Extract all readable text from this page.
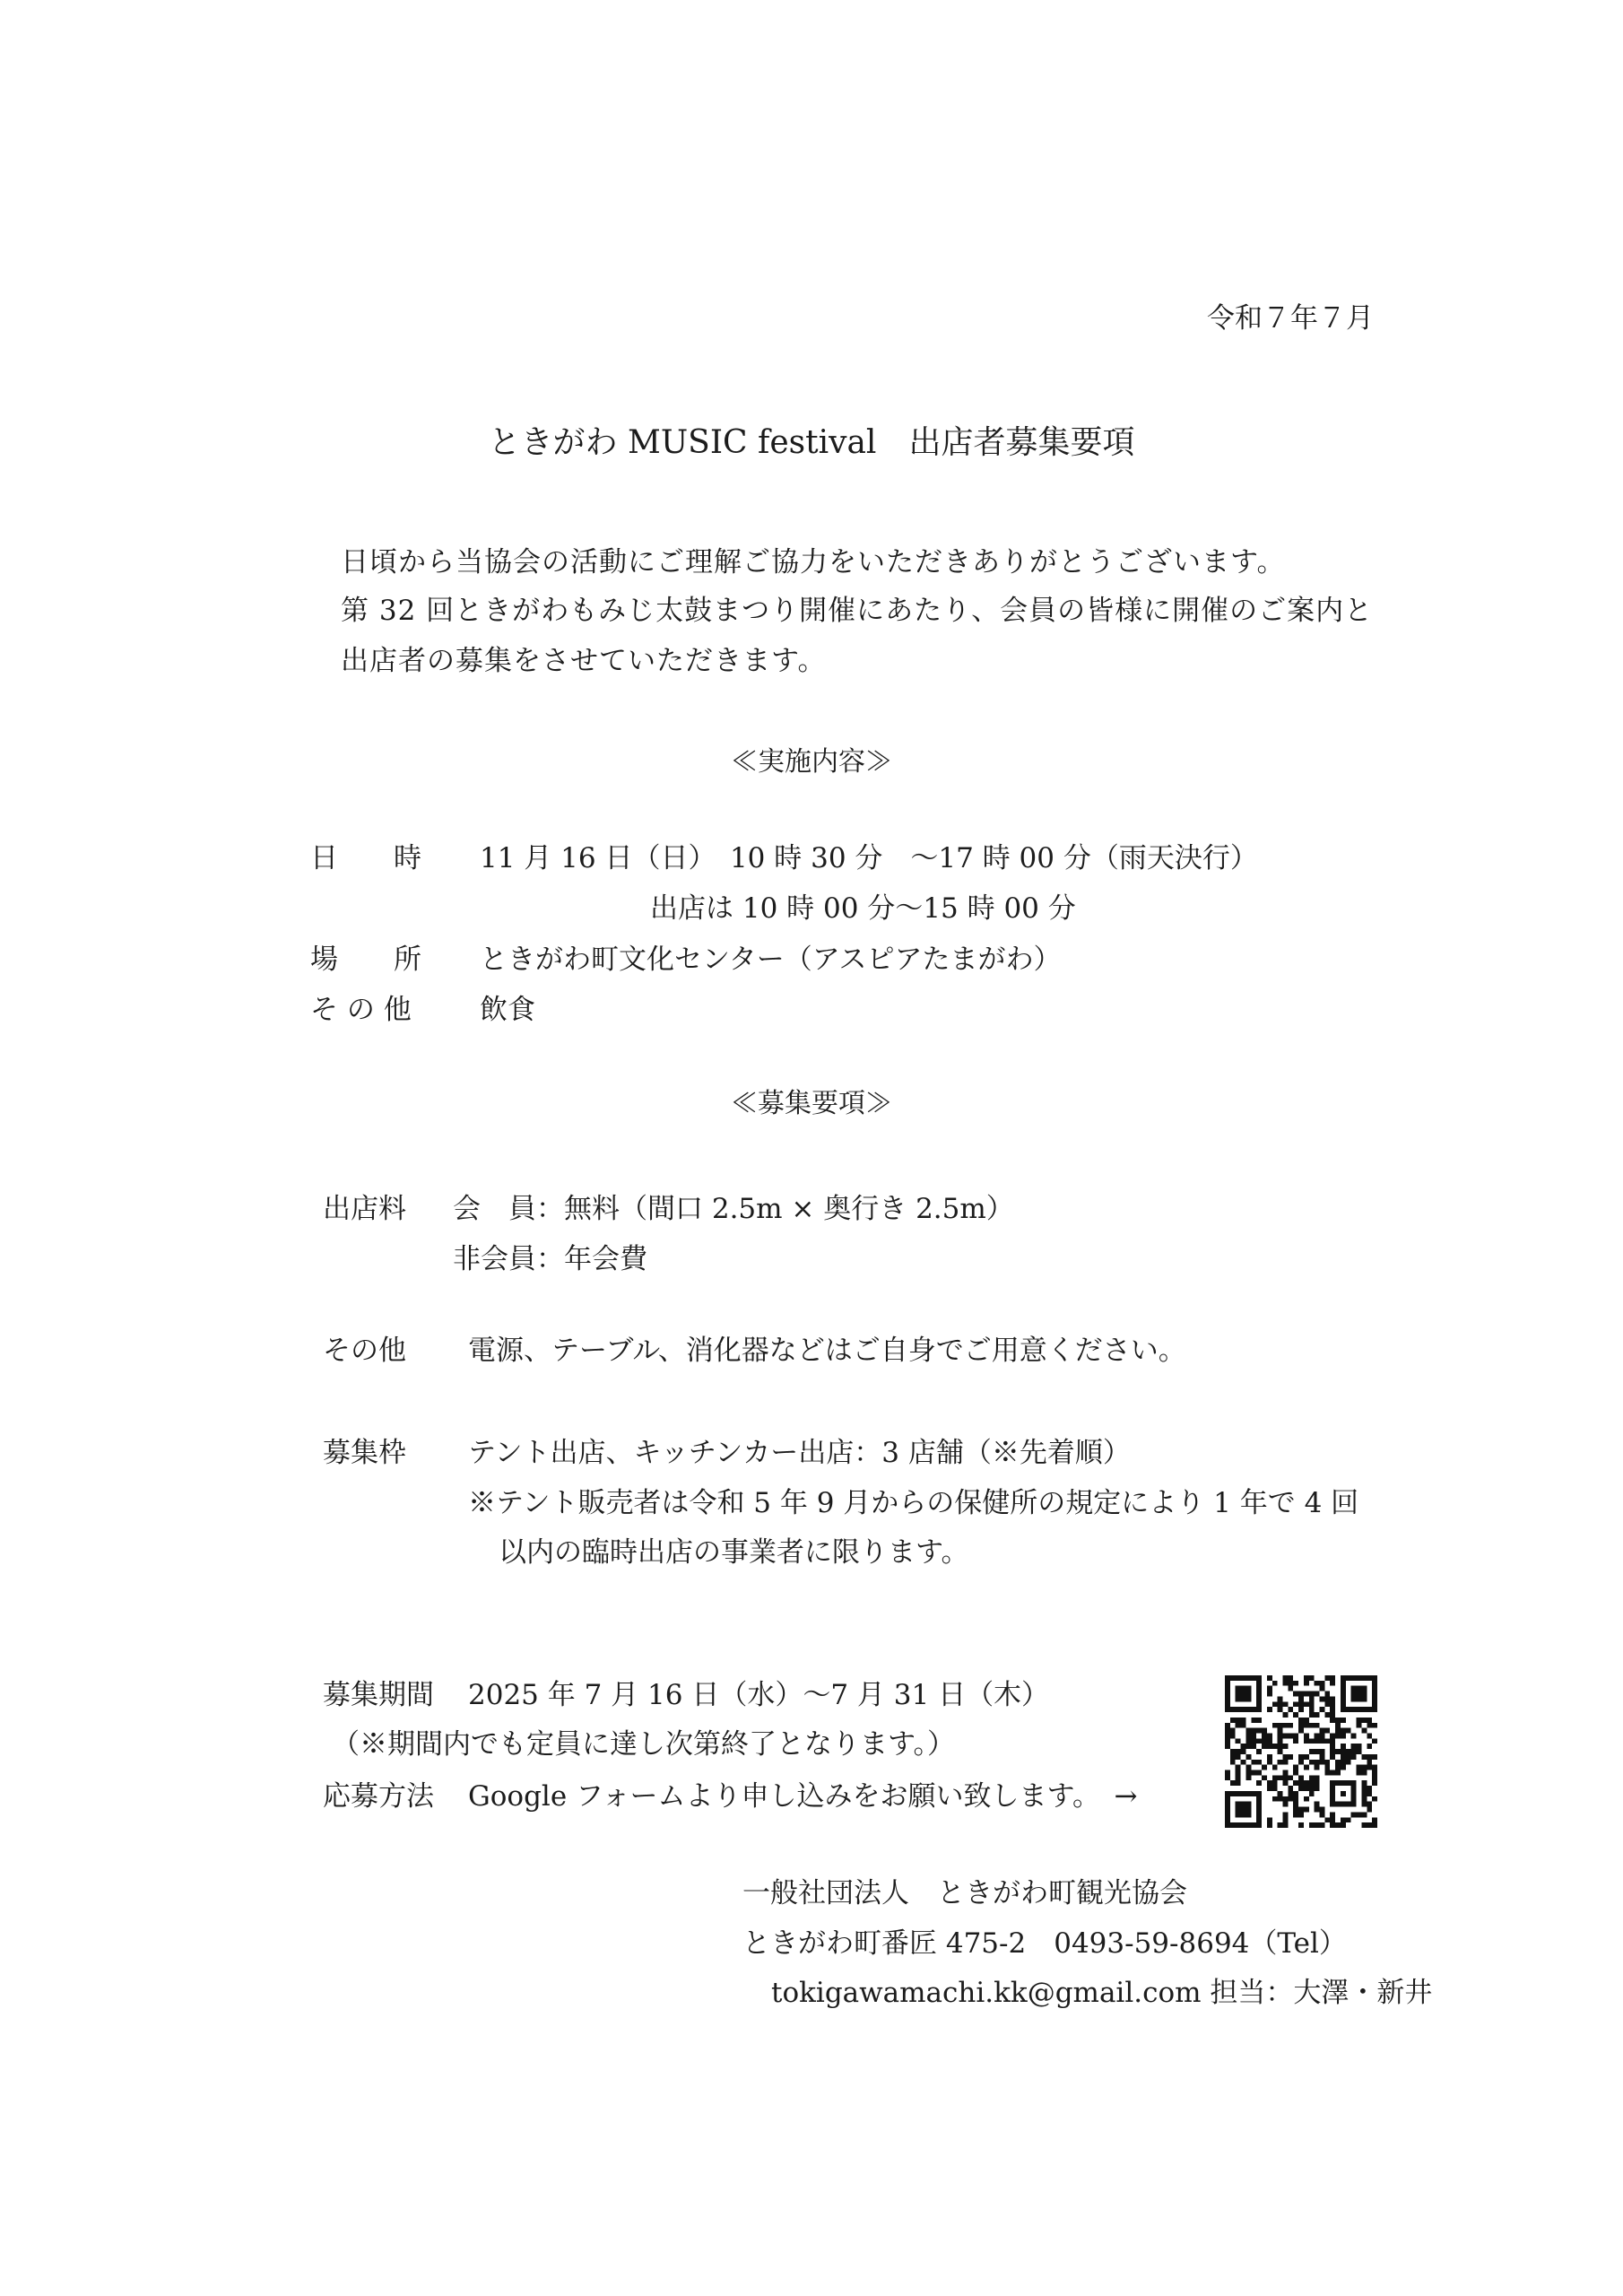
令和７年７月
ときがわ MUSIC festival　出店者募集要項
日頃から当協会の活動にご理解ご協力をいただきありがとうございます。
第 32 回ときがわもみじ太鼓まつり開催にあたり、会員の皆様に開催のご案内と
出店者の募集をさせていただきます。
≪実施内容≫
日　　時 11 月 16 日（日）　10 時 30 分　～17 時 00 分（雨天決行）
出店は 10 時 00 分～15 時 00 分
場　　所 ときがわ町文化センター（アスピアたまがわ）
そ の 他 飲食
≪募集要項≫
出店料 会　員：無料（間口 2.5m × 奥行き 2.5m）
非会員：年会費
その他 電源、テーブル、消化器などはご自身でご用意ください。
募集枠 テント出店、キッチンカー出店：3 店舗（※先着順）
※テント販売者は令和 5 年 9 月からの保健所の規定により 1 年で 4 回
以内の臨時出店の事業者に限ります。
募集期間 2025 年 7 月 16 日（水）～7 月 31 日（木）
（※期間内でも定員に達し次第終了となります。）
応募方法 Google フォームより申し込みをお願い致します。　→
一般社団法人　ときがわ町観光協会
ときがわ町番匠 475-2　0493-59-8694（Tel）
tokigawamachi.kk@gmail.com 担当：大澤・新井
